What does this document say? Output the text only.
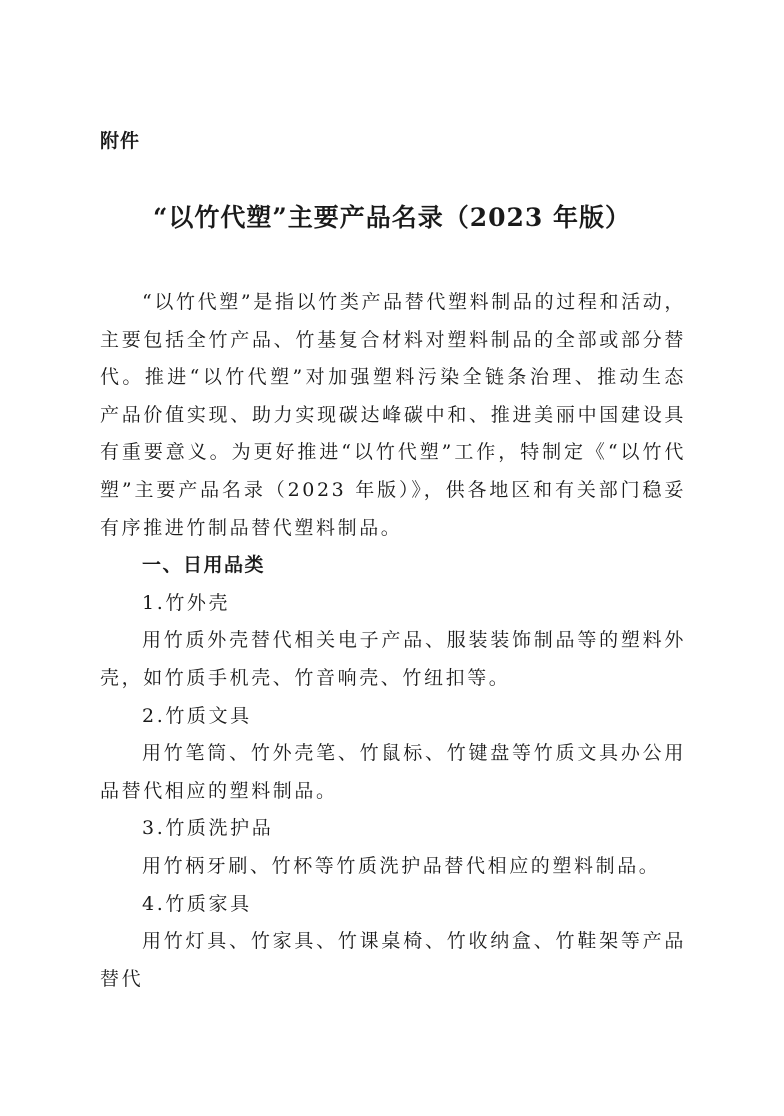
附件
“以竹代塑”主要产品名录（2023 年版）

“以竹代塑”是指以竹类产品替代塑料制品的过程和活动，主要包括全竹产品、竹基复合材料对塑料制品的全部或部分替代。推进“以竹代塑”对加强塑料污染全链条治理、推动生态产品价值实现、助力实现碳达峰碳中和、推进美丽中国建设具有重要意义。为更好推进“以竹代塑”工作，特制定《“以竹代塑”主要产品名录（2023 年版）》，供各地区和有关部门稳妥有序推进竹制品替代塑料制品。

一、日用品类

1.竹外壳

用竹质外壳替代相关电子产品、服装装饰制品等的塑料外壳，如竹质手机壳、竹音响壳、竹纽扣等。

2.竹质文具

用竹笔筒、竹外壳笔、竹鼠标、竹键盘等竹质文具办公用品替代相应的塑料制品。

3.竹质洗护品

用竹柄牙刷、竹杯等竹质洗护品替代相应的塑料制品。

4.竹质家具

用竹灯具、竹家具、竹课桌椅、竹收纳盒、竹鞋架等产品替代
